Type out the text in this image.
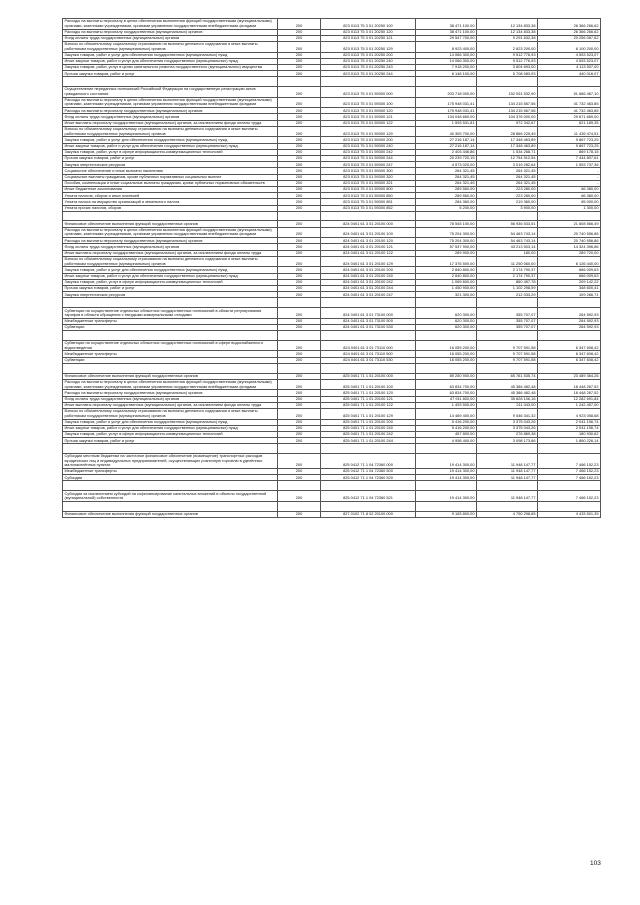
Расходы на выплаты персоналу в целях обеспечения выполнения функций государственными (муниципальными) органами, казенными учреждениями, органами управления государственными внебюджетными фондами	200	823 0113 75 3 01 20250 100	38 471 100,00	12 134 833,38	26 366 266,62
Расходы на выплаты персоналу государственных (муниципальных) органов	200	823 0113 75 3 01 20250 120	38 471 100,00	12 134 833,38	26 366 266,62
Фонд оплаты труда государственных (муниципальных) органов	200	823 0113 75 3 01 20250 121	29 547 700,00	9 291 632,38	20 256 067,62
Взносы по обязательному социальному страхованию на выплаты денежного содержания и иные выплаты работникам государственных (муниципальных) органов	200	823 0113 75 3 01 20250 129	8 923 400,00	2 823 200,00	6 100 200,00
Закупка товаров, работ и услуг для обеспечения государственных (муниципальных) нужд	200	823 0113 75 3 01 20250 200	14 066 300,00	9 512 776,93	4 553 523,07
Иные закупки товаров, работ и услуг для обеспечения государственных (муниципальных) нужд	200	823 0113 75 3 01 20250 240	14 066 300,00	9 512 776,93	4 553 523,07
Закупка товаров, работ, услуг в целях капитального ремонта государственного (муниципального) имущества	200	823 0113 75 3 01 20250 243	7 918 200,00	3 804 693,00	4 113 507,00
Прочая закупка товаров, работ и услуг	200	823 0113 75 3 01 20250 244	6 148 100,00	5 708 083,93	440 016,07

Осуществление переданных полномочий Российской Федерации на государственную регистрацию актов гражданского состояния	200	823 0113 75 3 01 59300 000	203 718 000,00	152 051 532,90	51 666 467,10
Расходы на выплаты персоналу в целях обеспечения выполнения функций государственными (муниципальными) органами, казенными учреждениями, органами управления государственными внебюджетными фондами	200	823 0113 75 3 01 59300 100	175 948 031,41	134 215 567,56	41 732 463,85
Расходы на выплаты персоналу государственных (муниципальных) органов	200	823 0113 75 3 01 59300 120	175 948 031,41	134 215 567,56	41 732 463,85
Фонд оплаты труда государственных (муниципальных) органов	200	823 0113 75 3 01 59300 121	134 048 669,00	104 376 000,00	29 671 669,00
Иные выплаты персоналу государственных (муниципальных) органов, за исключением фонда оплаты труда	200	823 0113 75 3 01 59300 122	1 593 531,81	972 342,67	621 189,35
Взносы по обязательному социальному страхованию на выплаты денежного содержания и иные выплаты работникам государственных (муниципальных) органов	200	823 0113 75 3 01 59300 129	40 305 700,00	28 866 225,49	11 439 474,51
Закупка товаров, работ и услуг для обеспечения государственных (муниципальных) нужд	200	823 0113 75 3 01 59300 200	27 216 187,14	17 348 463,89	9 867 723,25
Иные закупки товаров, работ и услуг для обеспечения государственных (муниципальных) нужд	200	823 0113 75 3 01 59300 240	27 216 187,14	17 348 463,89	9 867 723,25
Закупка товаров, работ, услуг в сфере информационно-коммуникационных технологий	200	823 0113 75 3 01 59300 242	2 403 446,86	1 534 268,71	869 178,15
Прочая закупка товаров, работ и услуг	200	823 0113 75 3 01 59300 244	20 239 720,15	12 794 912,54	7 444 807,61
Закупка энергетических ресурсов	200	823 0113 75 3 01 59300 247	4 573 020,00	3 019 282,64	1 553 737,36
Социальное обеспечение и иные выплаты населению	200	823 0113 75 3 01 59300 300	264 321,45	264 321,45	-
Социальные выплаты гражданам, кроме публичных нормативных социальных выплат	200	823 0113 75 3 01 59300 320	264 321,45	264 321,45	-
Пособия, компенсации и иные социальные выплаты гражданам, кроме публичных нормативных обязательств	200	823 0113 75 3 01 59300 321	264 321,45	264 321,45	-
Иные бюджетные ассигнования	200	823 0113 75 3 01 59300 800	289 560,00	223 280,00	66 380,00
Уплата налогов, сборов и иных платежей	200	823 0113 75 3 01 59300 850	289 560,00	223 280,00	66 380,00
Уплата налога на имущество организаций и земельного налога	200	823 0113 75 3 01 59300 851	284 360,00	219 360,00	65 000,00
Уплата прочих налогов, сборов	200	823 0113 75 3 01 59300 852	5 200,00	3 900,00	1 300,00

Финансовое обеспечение выполнения функций государственных органов	200	824 0401 61 3 01 20100 000	78 545 100,00	56 936 533,51	21 608 566,49
Расходы на выплаты персоналу в целях обеспечения выполнения функций государственными (муниципальными) органами, казенными учреждениями, органами управления государственными внебюджетными фондами	200	824 0401 61 3 01 20100 100	75 204 300,00	54 463 743,14	20 740 556,86
Расходы на выплаты персоналу государственных (муниципальных) органов	200	824 0401 61 3 01 20100 120	75 204 300,00	54 463 743,14	20 740 556,86
Фонд оплаты труда государственных (муниципальных) органов	200	824 0401 61 3 01 20100 121	57 537 900,00	43 213 503,14	14 324 396,86
Иные выплаты персоналу государственных (муниципальных) органов, за исключением фонда оплаты труда	200	824 0401 61 3 01 20100 122	289 900,00	180,00	289 720,00
Взносы по обязательному социальному страхованию на выплаты денежного содержания и иные выплаты работникам государственных (муниципальных) органов	200	824 0401 61 3 01 20100 129	17 376 500,00	11 250 060,00	6 126 440,00
Закупка товаров, работ и услуг для обеспечения государственных (муниципальных) нужд	200	824 0401 61 3 01 20100 200	2 840 800,00	2 174 790,37	666 009,63
Иные закупки товаров, работ и услуг для обеспечения государственных (муниципальных) нужд	200	824 0401 61 3 01 20100 240	2 840 800,00	2 174 790,37	666 009,63
Закупка товаров, работ, услуг в сфере информационно-коммуникационных технологий	200	824 0401 61 3 01 20100 242	1 069 600,00	860 457,78	209 142,22
Прочая закупка товаров, работ и услуг	200	824 0401 61 3 01 20100 244	1 450 900,00	1 102 298,59	348 600,41
Закупка энергетических ресурсов	200	824 0401 61 3 01 20100 247	321 300,00	212 033,29	109 266,71

Субвенции на осуществление отдельных областных государственных полномочий в области регулирования тарифов в области обращения с твердыми коммунальными отходами	200	824 0401 61 3 01 73100 000	620 300,00	355 707,07	264 592,93
Межбюджетные трансферты	200	824 0401 61 3 01 73100 500	620 300,00	355 707,07	264 592,93
Субвенции	200	824 0401 61 3 01 73100 530	620 300,00	355 707,07	264 592,93

Субвенции на осуществление отдельных областных государственных полномочий в сфере водоснабжения и водоотведения	200	824 0401 61 3 01 73110 000	16 055 200,00	9 707 591,58	6 347 608,42
Межбюджетные трансферты	200	824 0401 61 3 01 73110 500	16 055 200,00	9 707 591,58	6 347 608,42
Субвенции	200	824 0401 61 3 01 73110 530	16 055 200,00	9 707 591,58	6 347 608,42

Финансовое обеспечение выполнения функций государственных органов	200	825 0401 71 1 01 20100 000	89 250 900,00	65 761 535,74	23 489 364,26
Расходы на выплаты персоналу в целях обеспечения выполнения функций государственными (муниципальными) органами, казенными учреждениями, органами управления государственными внебюджетными фондами	200	825 0401 71 1 01 20100 100	63 834 700,00	45 386 482,48	18 448 267,52
Расходы на выплаты персоналу государственных (муниципальных) органов	200	825 0401 71 1 01 20100 120	63 834 700,00	45 386 482,48	18 448 267,52
Фонд оплаты труда государственных (муниципальных) органов	200	825 0401 71 1 01 20100 121	47 911 800,00	35 628 106,16	12 282 691,84
Иные выплаты персоналу государственных (муниципальных) органов, за исключением фонда оплаты труда	200	825 0401 71 1 01 20100 122	1 453 500,00	211 043,00	1 242 457,00
Взносы по обязательному социальному страхованию на выплаты денежного содержания и иные выплаты работникам государственных (муниципальных) органов	200	825 0401 71 1 01 20100 129	14 469 400,00	9 546 341,32	4 923 058,68
Закупка товаров, работ и услуг для обеспечения государственных (муниципальных) нужд	200	825 0401 71 1 01 20100 200	5 416 200,00	3 375 043,26	2 041 156,74
Иные закупки товаров, работ и услуг для обеспечения государственных (муниципальных) нужд	200	825 0401 71 1 01 20100 240	5 416 200,00	3 375 043,26	2 041 156,74
Закупка товаров, работ, услуг в сфере информационно-коммуникационных технологий	200	825 0401 71 1 01 20100 242	457 800,00	276 869,38	180 930,62
Прочая закупка товаров, работ и услуг	200	825 0401 71 1 01 20100 244	4 958 400,00	3 098 173,86	1 860 226,14

Субсидии местным бюджетам на частичное финансовое обеспечение (возмещение) транспортных расходов юридических лиц и индивидуальных предпринимателей, осуществляющих розничную торговлю в уделённых малонаселённых пунктах	200	825 0412 71 1 04 72360 000	19 414 300,00	11 948 147,77	7 466 152,23
Межбюджетные трансферты	200	825 0412 71 1 04 72360 500	19 414 300,00	11 948 147,77	7 466 152,23
Субсидии	200	825 0412 71 1 04 72360 520	19 414 300,00	11 948 147,77	7 466 152,23

Субсидии за исключением субсидий на софинансирование капитальных вложений в объекты государственной (муниципальной) собственности	200	825 0412 71 1 04 72360 521	19 414 300,00	11 948 147,77	7 466 152,23

Финансовое обеспечение выполнения функций государственных органов	200	827 0102 71 8 02 20100 000	9 183 800,00	4 750 298,65	4 433 501,35
103
